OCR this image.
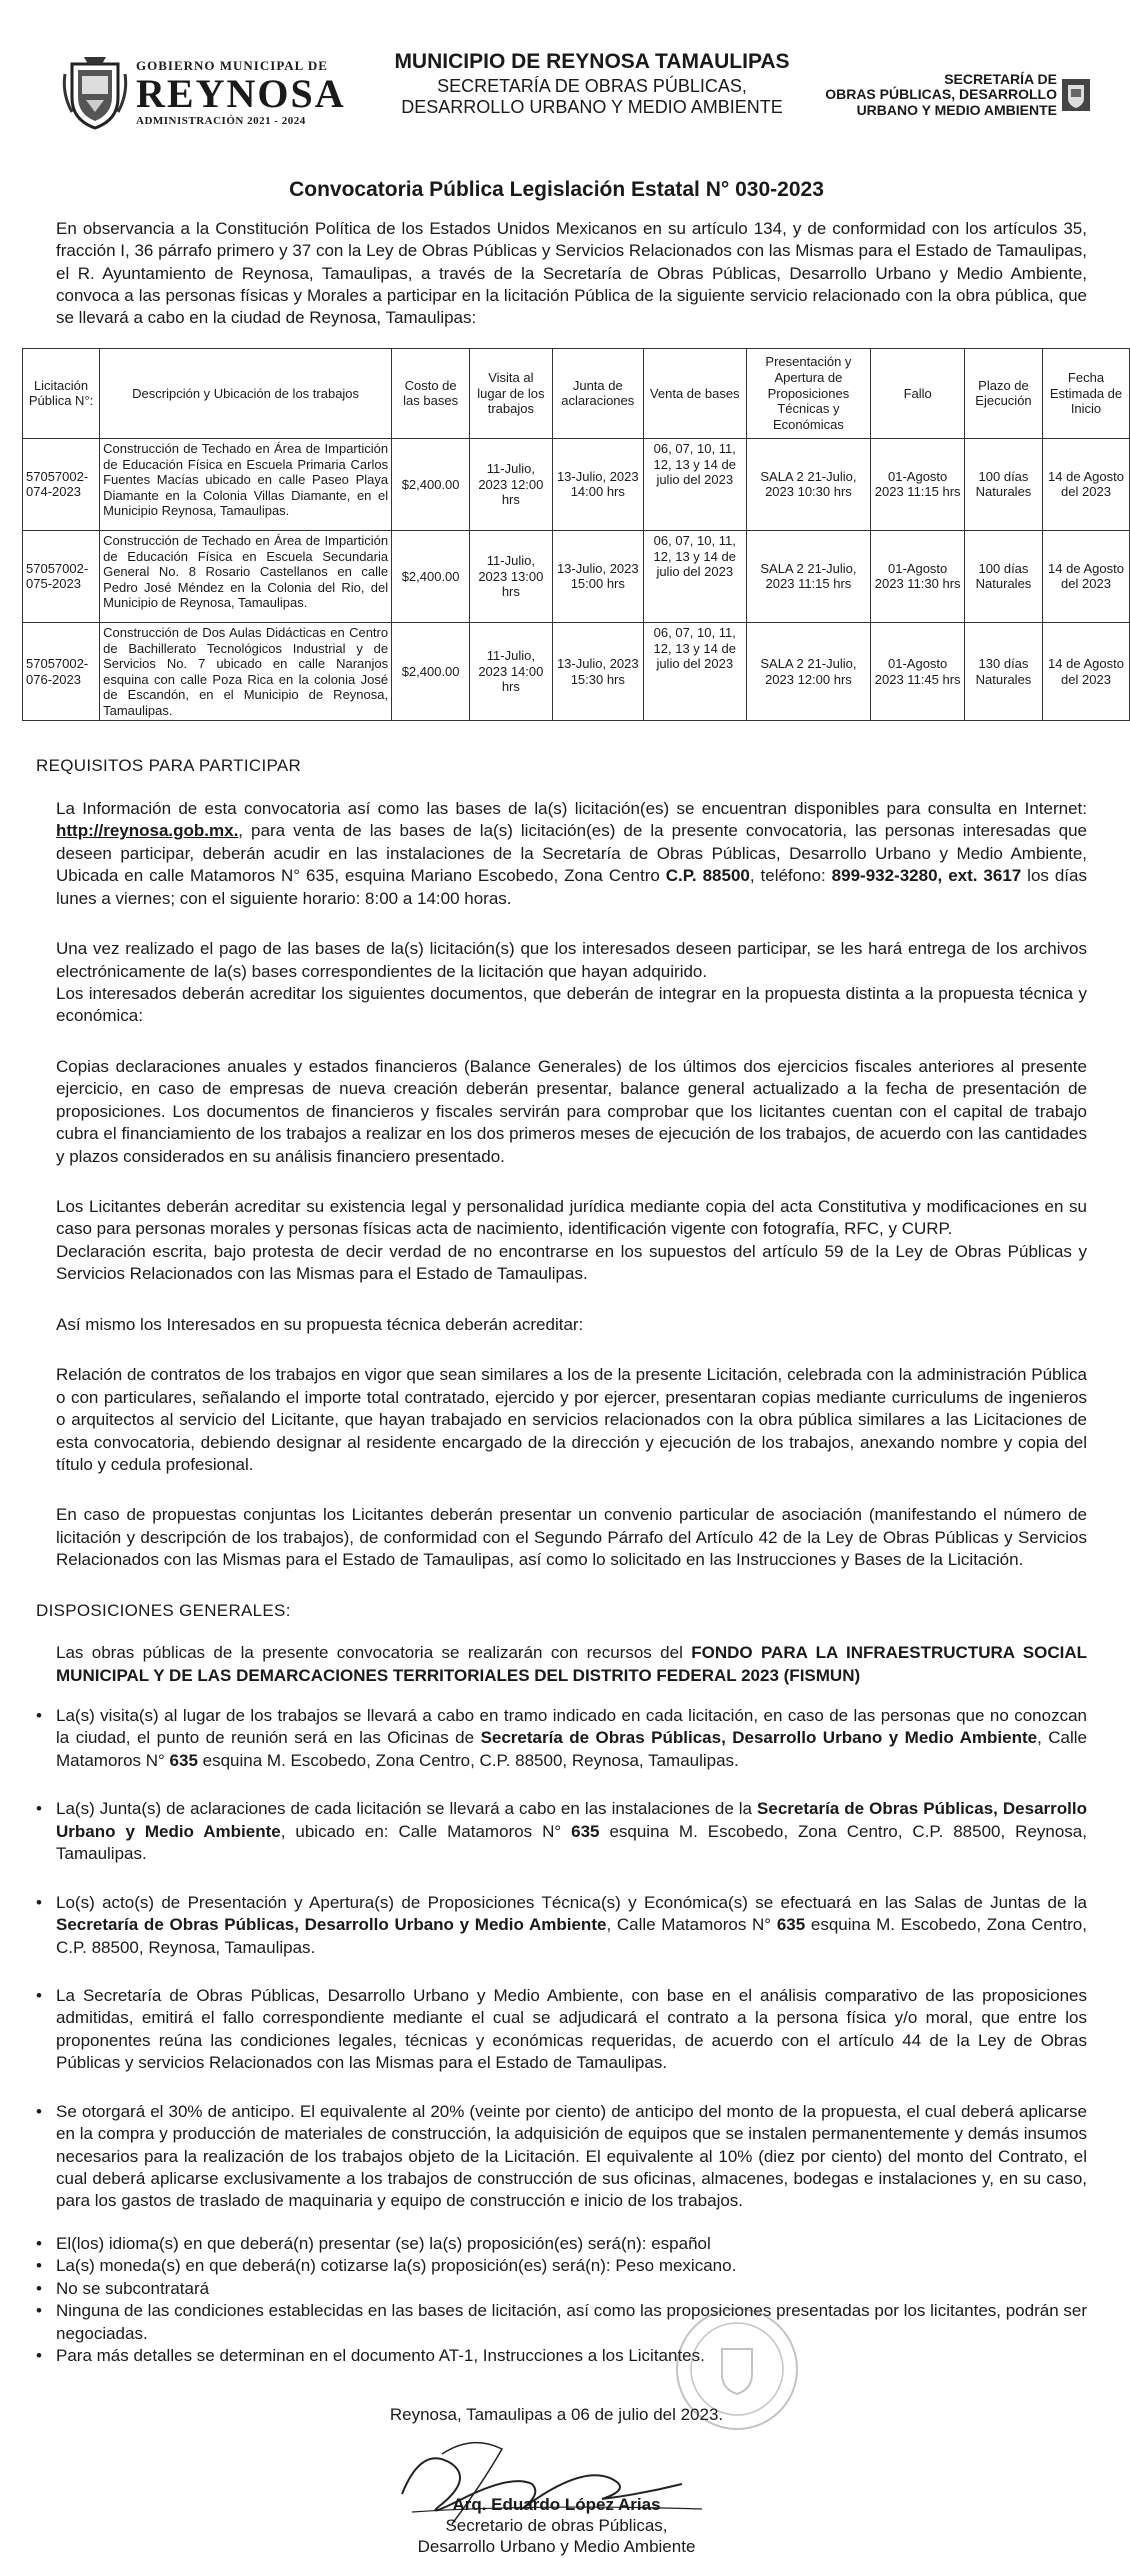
GOBIERNO MUNICIPAL DE
REYNOSA
ADMINISTRACIÓN 2021 - 2024
MUNICIPIO DE REYNOSA TAMAULIPAS
SECRETARÍA DE OBRAS PÚBLICAS,
DESARROLLO URBANO Y MEDIO AMBIENTE
SECRETARÍA DE
OBRAS PÚBLICAS, DESARROLLO
URBANO Y MEDIO AMBIENTE
Convocatoria Pública Legislación Estatal N° 030-2023

En observancia a la Constitución Política de los Estados Unidos Mexicanos en su artículo 134, y de conformidad con los artículos 35, fracción I, 36 párrafo primero y 37 con la Ley de Obras Públicas y Servicios Relacionados con las Mismas para el Estado de Tamaulipas, el R. Ayuntamiento de Reynosa, Tamaulipas, a través de la Secretaría de Obras Públicas, Desarrollo Urbano y Medio Ambiente, convoca a las personas físicas y Morales a participar en la licitación Pública de la siguiente servicio relacionado con la obra pública, que se llevará a cabo en la ciudad de Reynosa, Tamaulipas:

Licitación Pública N°:	Descripción y Ubicación de los trabajos	Costo de las bases	Visita al lugar de los trabajos	Junta de aclaraciones	Venta de bases	Presentación y Apertura de Proposiciones Técnicas y Económicas	Fallo	Plazo de Ejecución	Fecha Estimada de Inicio
57057002-074-2023	Construcción de Techado en Área de Impartición de Educación Física en Escuela Primaria Carlos Fuentes Macías ubicado en calle Paseo Playa Diamante en la Colonia Villas Diamante, en el Municipio Reynosa, Tamaulipas.	$2,400.00	11-Julio, 2023 12:00 hrs	13-Julio, 2023 14:00 hrs	06, 07, 10, 11, 12, 13 y 14 de julio del 2023	SALA 2 21-Julio, 2023 10:30 hrs	01-Agosto 2023 11:15 hrs	100 días Naturales	14 de Agosto del 2023
57057002-075-2023	Construcción de Techado en Área de Impartición de Educación Física en Escuela Secundaria General No. 8 Rosario Castellanos en calle Pedro José Méndez en la Colonia del Rio, del Municipio de Reynosa, Tamaulipas.	$2,400.00	11-Julio, 2023 13:00 hrs	13-Julio, 2023 15:00 hrs	06, 07, 10, 11, 12, 13 y 14 de julio del 2023	SALA 2 21-Julio, 2023 11:15 hrs	01-Agosto 2023 11:30 hrs	100 días Naturales	14 de Agosto del 2023
57057002-076-2023	Construcción de Dos Aulas Didácticas en Centro de Bachillerato Tecnológicos Industrial y de Servicios No. 7 ubicado en calle Naranjos esquina con calle Poza Rica en la colonia José de Escandón, en el Municipio de Reynosa, Tamaulipas.	$2,400.00	11-Julio, 2023 14:00 hrs	13-Julio, 2023 15:30 hrs	06, 07, 10, 11, 12, 13 y 14 de julio del 2023	SALA 2 21-Julio, 2023 12:00 hrs	01-Agosto 2023 11:45 hrs	130 días Naturales	14 de Agosto del 2023
REQUISITOS PARA PARTICIPAR

La Información de esta convocatoria así como las bases de la(s) licitación(es) se encuentran disponibles para consulta en Internet: http://reynosa.gob.mx., para venta de las bases de la(s) licitación(es) de la presente convocatoria, las personas interesadas que deseen participar, deberán acudir en las instalaciones de la Secretaría de Obras Públicas, Desarrollo Urbano y Medio Ambiente, Ubicada en calle Matamoros N° 635, esquina Mariano Escobedo, Zona Centro C.P. 88500, teléfono: 899-932-3280, ext. 3617 los días lunes a viernes; con el siguiente horario: 8:00 a 14:00 horas.

Una vez realizado el pago de las bases de la(s) licitación(s) que los interesados deseen participar, se les hará entrega de los archivos electrónicamente de la(s) bases correspondientes de la licitación que hayan adquirido.

Los interesados deberán acreditar los siguientes documentos, que deberán de integrar en la propuesta distinta a la propuesta técnica y económica:

Copias declaraciones anuales y estados financieros (Balance Generales) de los últimos dos ejercicios fiscales anteriores al presente ejercicio, en caso de empresas de nueva creación deberán presentar, balance general actualizado a la fecha de presentación de proposiciones. Los documentos de financieros y fiscales servirán para comprobar que los licitantes cuentan con el capital de trabajo cubra el financiamiento de los trabajos a realizar en los dos primeros meses de ejecución de los trabajos, de acuerdo con las cantidades y plazos considerados en su análisis financiero presentado.

Los Licitantes deberán acreditar su existencia legal y personalidad jurídica mediante copia del acta Constitutiva y modificaciones en su caso para personas morales y personas físicas acta de nacimiento, identificación vigente con fotografía, RFC, y CURP.

Declaración escrita, bajo protesta de decir verdad de no encontrarse en los supuestos del artículo 59 de la Ley de Obras Públicas y Servicios Relacionados con las Mismas para el Estado de Tamaulipas.

Así mismo los Interesados en su propuesta técnica deberán acreditar:

Relación de contratos de los trabajos en vigor que sean similares a los de la presente Licitación, celebrada con la administración Pública o con particulares, señalando el importe total contratado, ejercido y por ejercer, presentaran copias mediante curriculums de ingenieros o arquitectos al servicio del Licitante, que hayan trabajado en servicios relacionados con la obra pública similares a las Licitaciones de esta convocatoria, debiendo designar al residente encargado de la dirección y ejecución de los trabajos, anexando nombre y copia del título y cedula profesional.

En caso de propuestas conjuntas los Licitantes deberán presentar un convenio particular de asociación (manifestando el número de licitación y descripción de los trabajos), de conformidad con el Segundo Párrafo del Artículo 42 de la Ley de Obras Públicas y Servicios Relacionados con las Mismas para el Estado de Tamaulipas, así como lo solicitado en las Instrucciones y Bases de la Licitación.

DISPOSICIONES GENERALES:

Las obras públicas de la presente convocatoria se realizarán con recursos del FONDO PARA LA INFRAESTRUCTURA SOCIAL MUNICIPAL Y DE LAS DEMARCACIONES TERRITORIALES DEL DISTRITO FEDERAL 2023 (FISMUN)

• La(s) visita(s) al lugar de los trabajos se llevará a cabo en tramo indicado en cada licitación, en caso de las personas que no conozcan la ciudad, el punto de reunión será en las Oficinas de Secretaría de Obras Públicas, Desarrollo Urbano y Medio Ambiente, Calle Matamoros N° 635 esquina M. Escobedo, Zona Centro, C.P. 88500, Reynosa, Tamaulipas.
• La(s) Junta(s) de aclaraciones de cada licitación se llevará a cabo en las instalaciones de la Secretaría de Obras Públicas, Desarrollo Urbano y Medio Ambiente, ubicado en: Calle Matamoros N° 635 esquina M. Escobedo, Zona Centro, C.P. 88500, Reynosa, Tamaulipas.
• Lo(s) acto(s) de Presentación y Apertura(s) de Proposiciones Técnica(s) y Económica(s) se efectuará en las Salas de Juntas de la Secretaría de Obras Públicas, Desarrollo Urbano y Medio Ambiente, Calle Matamoros N° 635 esquina M. Escobedo, Zona Centro, C.P. 88500, Reynosa, Tamaulipas.
• La Secretaría de Obras Públicas, Desarrollo Urbano y Medio Ambiente, con base en el análisis comparativo de las proposiciones admitidas, emitirá el fallo correspondiente mediante el cual se adjudicará el contrato a la persona física y/o moral, que entre los proponentes reúna las condiciones legales, técnicas y económicas requeridas, de acuerdo con el artículo 44 de la Ley de Obras Públicas y servicios Relacionados con las Mismas para el Estado de Tamaulipas.
• Se otorgará el 30% de anticipo. El equivalente al 20% (veinte por ciento) de anticipo del monto de la propuesta, el cual deberá aplicarse en la compra y producción de materiales de construcción, la adquisición de equipos que se instalen permanentemente y demás insumos necesarios para la realización de los trabajos objeto de la Licitación. El equivalente al 10% (diez por ciento) del monto del Contrato, el cual deberá aplicarse exclusivamente a los trabajos de construcción de sus oficinas, almacenes, bodegas e instalaciones y, en su caso, para los gastos de traslado de maquinaria y equipo de construcción e inicio de los trabajos.
• El(los) idioma(s) en que deberá(n) presentar (se) la(s) proposición(es) será(n): español
• La(s) moneda(s) en que deberá(n) cotizarse la(s) proposición(es) será(n): Peso mexicano.
• No se subcontratará
• Ninguna de las condiciones establecidas en las bases de licitación, así como las proposiciones presentadas por los licitantes, podrán ser negociadas.
• Para más detalles se determinan en el documento AT-1, Instrucciones a los Licitantes.
Reynosa, Tamaulipas a 06 de julio del 2023.
Arq. Eduardo López Arias
Secretario de obras Públicas,
Desarrollo Urbano y Medio Ambiente
